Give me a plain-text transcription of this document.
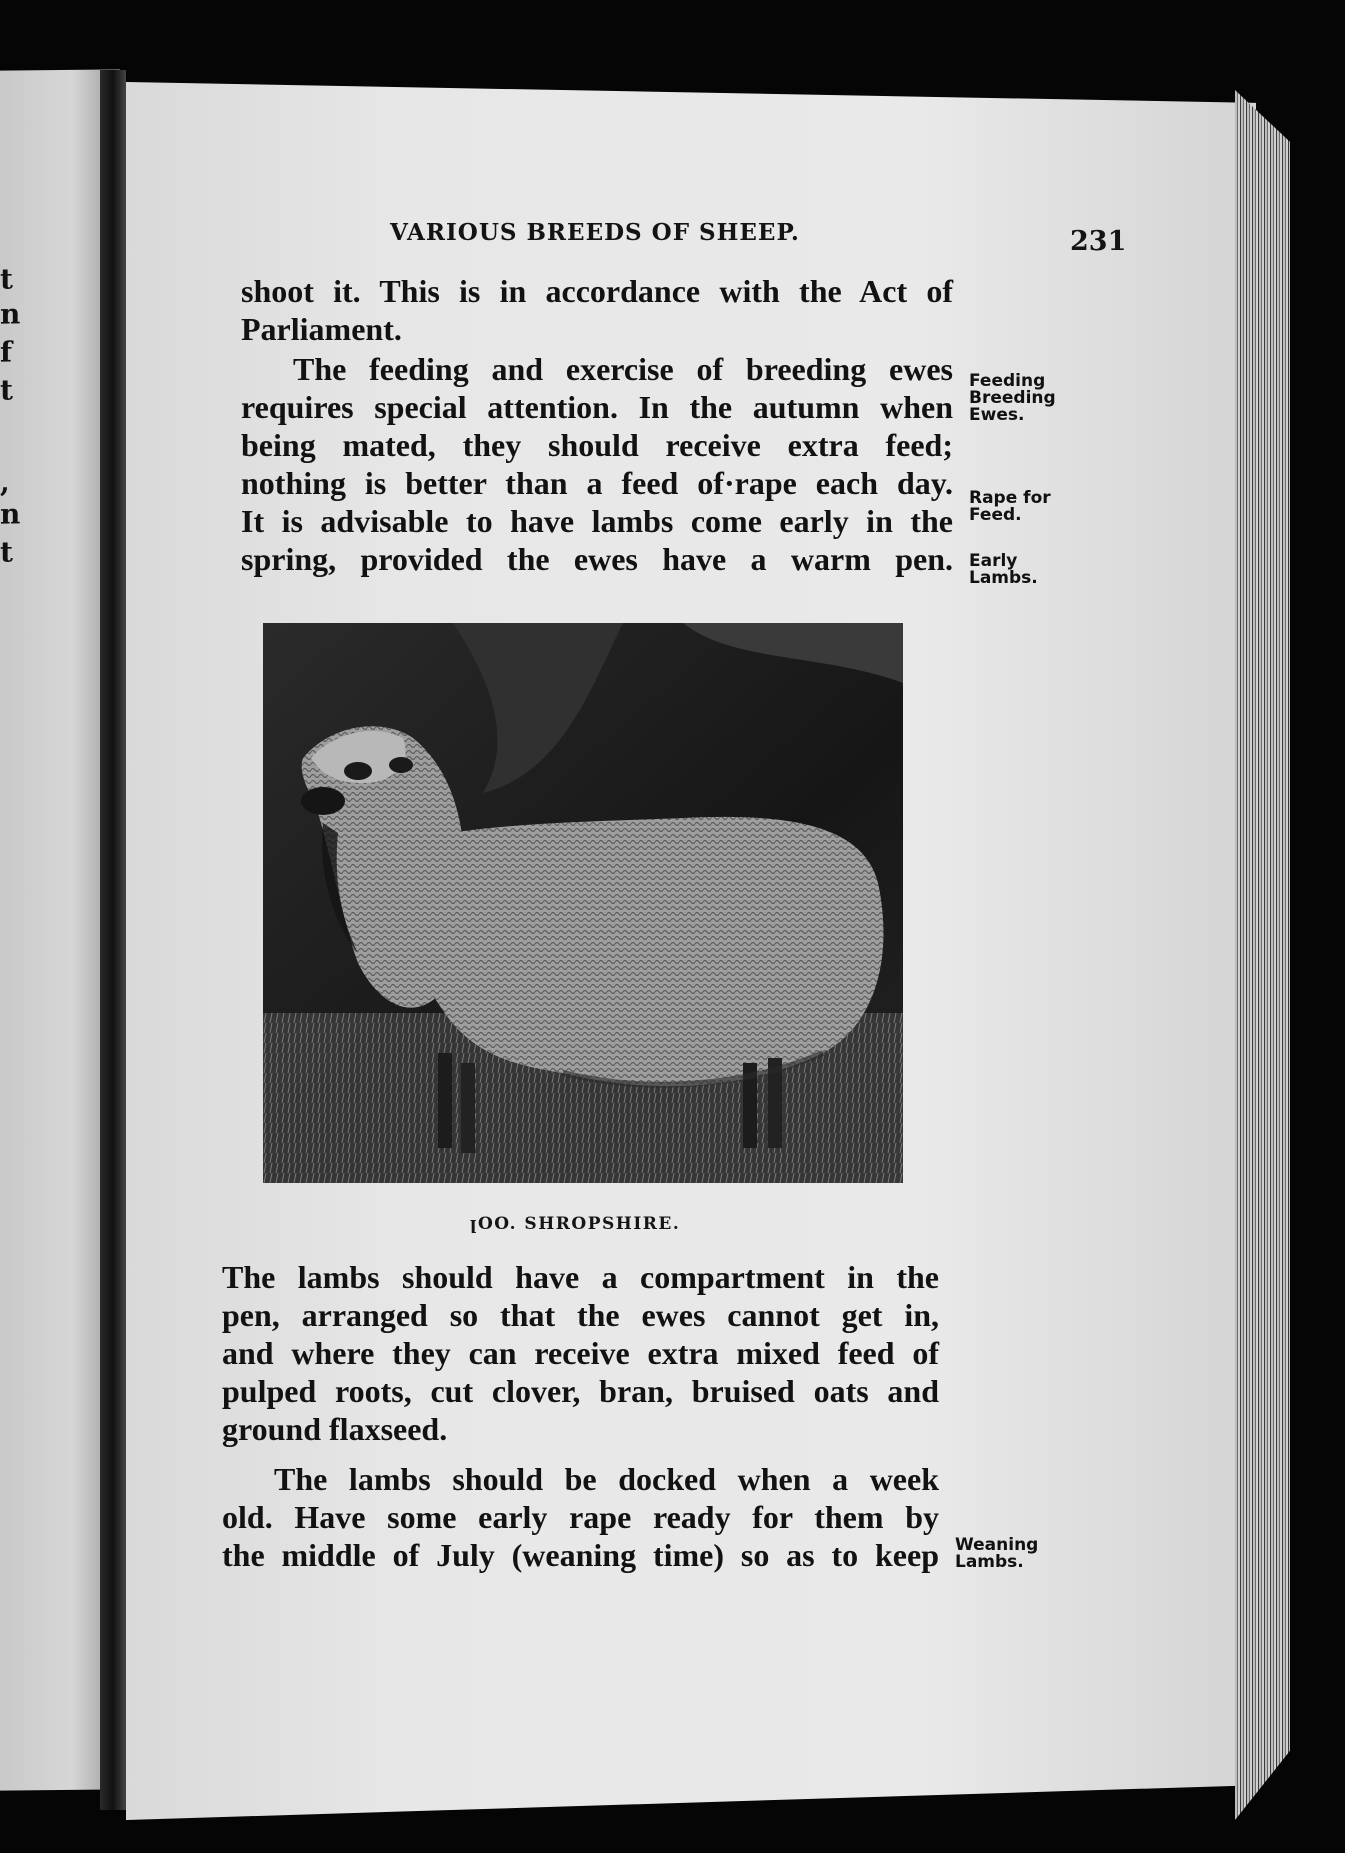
t
n
f
t
,
n
t
VARIOUS BREEDS OF SHEEP.	231
shoot it. This is in accordance with the Act of
Parliament.
The feeding and exercise of breeding ewes
requires special attention. In the autumn when
being mated, they should receive extra feed;
nothing is better than a feed of·rape each day.
It is advisable to have lambs come early in the
spring, provided the ewes have a warm pen.
Feeding
Breeding
Ewes.
Rape for
Feed.
Early
Lambs.
ꞁOO. SHROPSHIRE.
The lambs should have a compartment in the
pen, arranged so that the ewes cannot get in,
and where they can receive extra mixed feed of
pulped roots, cut clover, bran, bruised oats and
ground flaxseed.
The lambs should be docked when a week
old. Have some early rape ready for them by
the middle of July (weaning time) so as to keep Weaning
Lambs.
